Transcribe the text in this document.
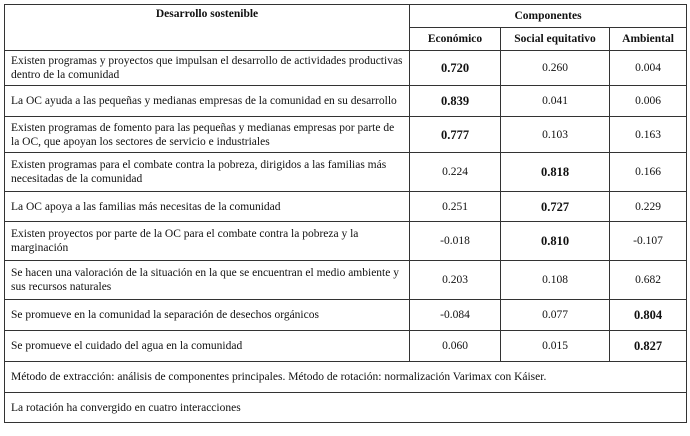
Desarrollo sostenible	Componentes		
	Económico	Social equitativo	Ambiental
Existen programas y proyectos que impulsan el desarrollo de actividades productivas dentro de la comunidad	0.720	0.260	0.004
La OC ayuda a las pequeñas y medianas empresas de la comunidad en su desarrollo	0.839	0.041	0.006
Existen programas de fomento para las pequeñas y medianas empresas por parte de la OC, que apoyan los sectores de servicio e industriales	0.777	0.103	0.163
Existen programas para el combate contra la pobreza, dirigidos a las familias más necesitadas de la comunidad	0.224	0.818	0.166
La OC apoya a las familias más necesitas de la comunidad	0.251	0.727	0.229
Existen proyectos por parte de la OC para el combate contra la pobreza y la marginación	-0.018	0.810	-0.107
Se hacen una valoración de la situación en la que se encuentran el medio ambiente y sus recursos naturales	0.203	0.108	0.682
Se promueve en la comunidad la separación de desechos orgánicos	-0.084	0.077	0.804
Se promueve el cuidado del agua en la comunidad	0.060	0.015	0.827
Método de extracción: análisis de componentes principales. Método de rotación: normalización Varimax con Káiser.			
La rotación ha convergido en cuatro interacciones			
